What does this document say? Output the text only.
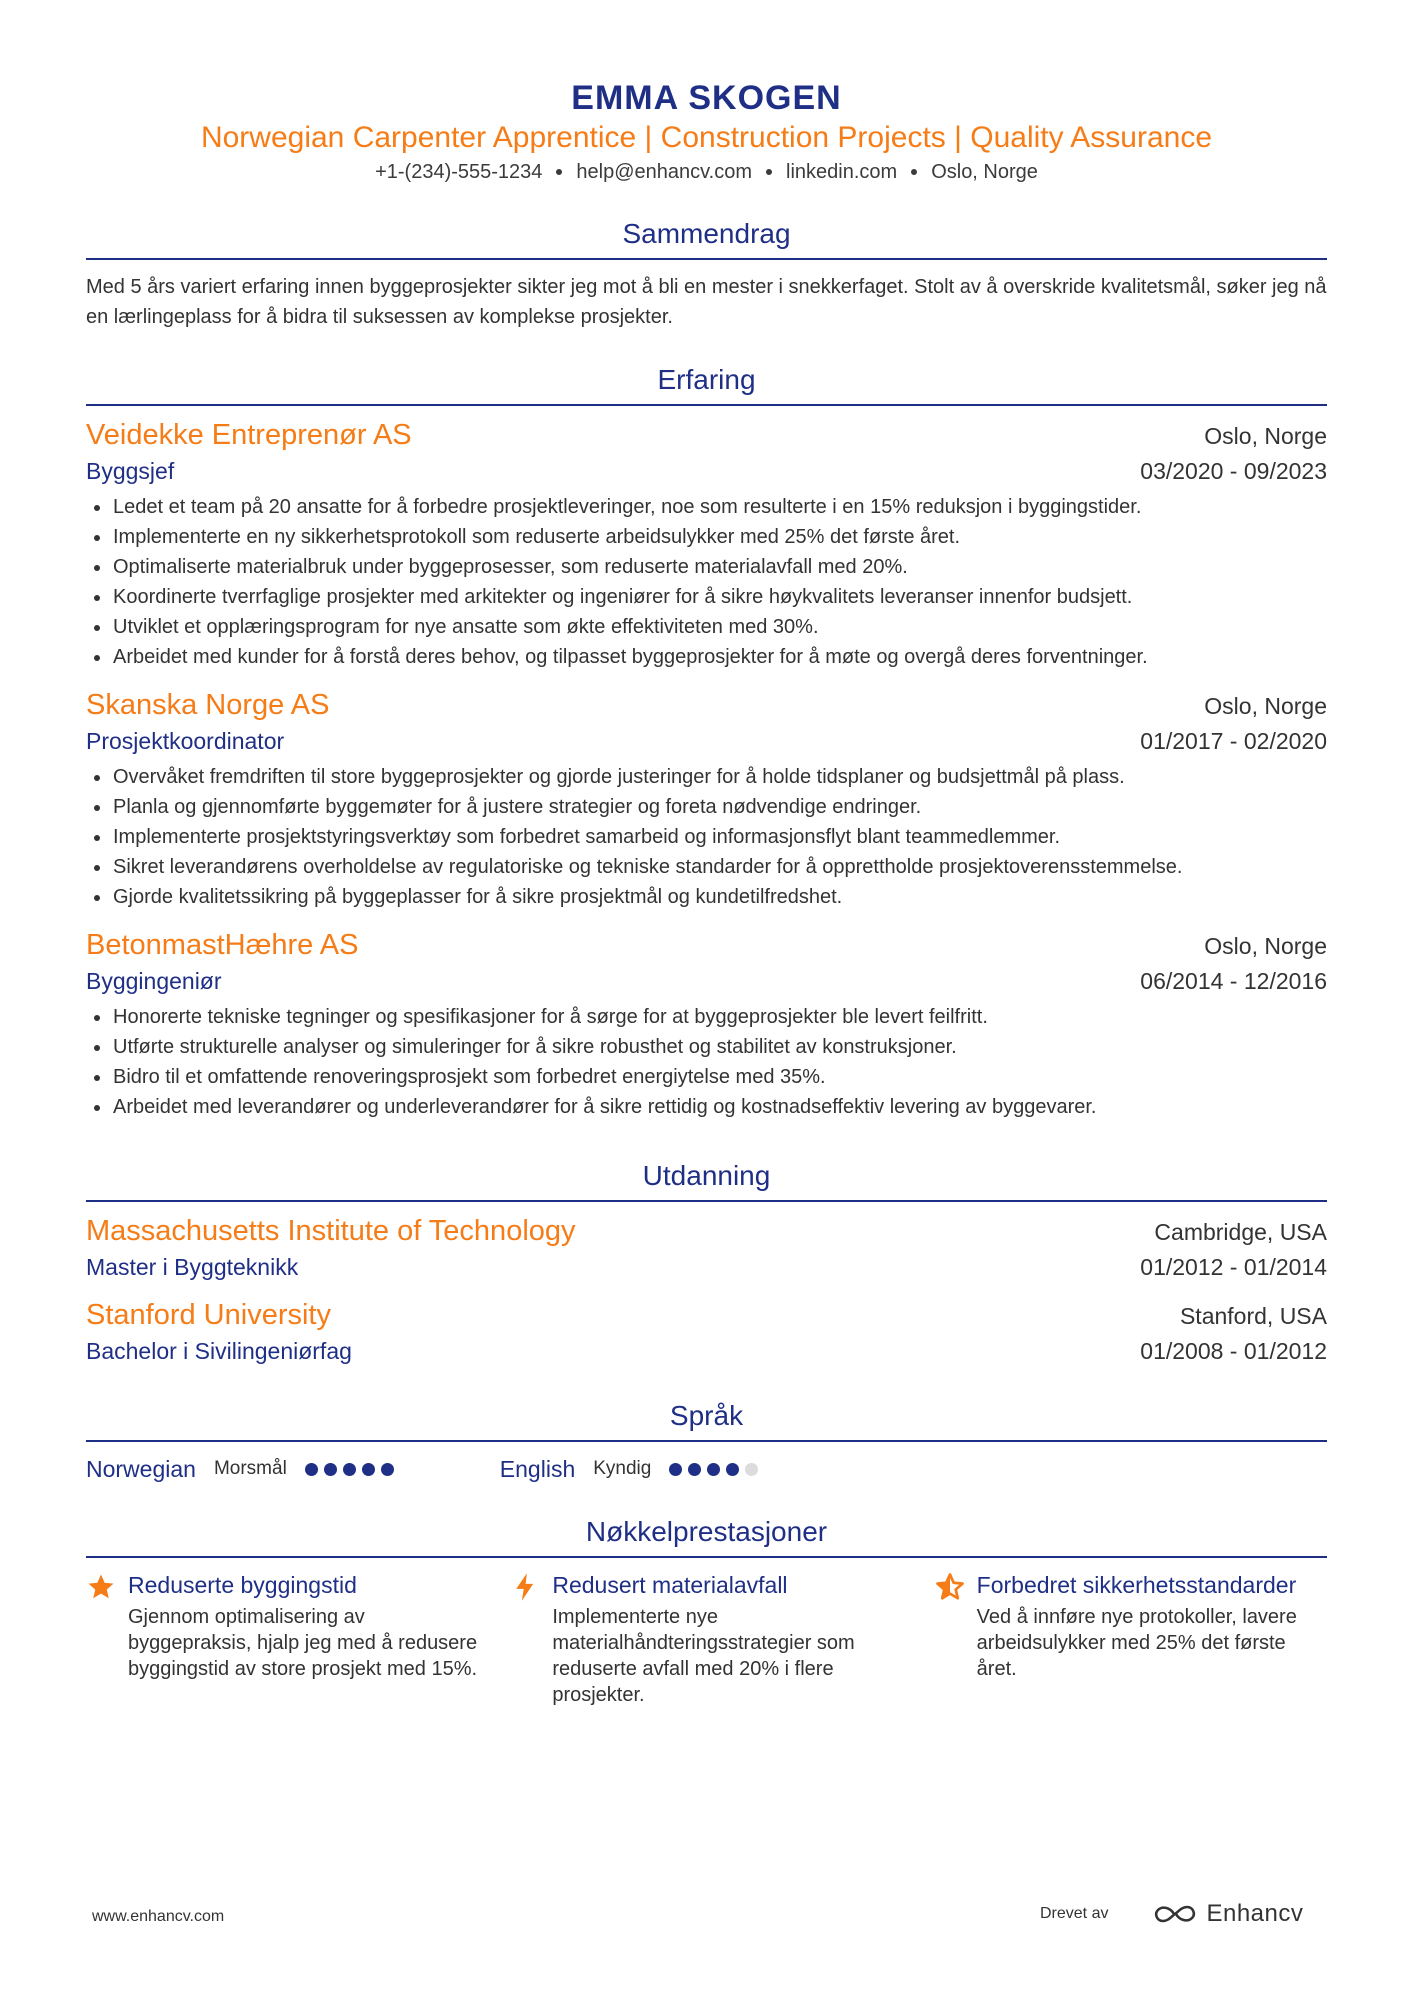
EMMA SKOGEN
Norwegian Carpenter Apprentice | Construction Projects | Quality Assurance
+1-(234)-555-1234 help@enhancv.com linkedin.com Oslo, Norge
Sammendrag
Med 5 års variert erfaring innen byggeprosjekter sikter jeg mot å bli en mester i snekkerfaget. Stolt av å overskride kvalitetsmål, søker jeg nå en lærlingeplass for å bidra til suksessen av komplekse prosjekter.
Erfaring
Veidekke Entreprenør AS	Oslo, Norge
Byggsjef	03/2020 - 09/2023
Ledet et team på 20 ansatte for å forbedre prosjektleveringer, noe som resulterte i en 15% reduksjon i byggingstider.
Implementerte en ny sikkerhetsprotokoll som reduserte arbeidsulykker med 25% det første året.
Optimaliserte materialbruk under byggeprosesser, som reduserte materialavfall med 20%.
Koordinerte tverrfaglige prosjekter med arkitekter og ingeniører for å sikre høykvalitets leveranser innenfor budsjett.
Utviklet et opplæringsprogram for nye ansatte som økte effektiviteten med 30%.
Arbeidet med kunder for å forstå deres behov, og tilpasset byggeprosjekter for å møte og overgå deres forventninger.
Skanska Norge AS	Oslo, Norge
Prosjektkoordinator	01/2017 - 02/2020
Overvåket fremdriften til store byggeprosjekter og gjorde justeringer for å holde tidsplaner og budsjettmål på plass.
Planla og gjennomførte byggemøter for å justere strategier og foreta nødvendige endringer.
Implementerte prosjektstyringsverktøy som forbedret samarbeid og informasjonsflyt blant teammedlemmer.
Sikret leverandørens overholdelse av regulatoriske og tekniske standarder for å opprettholde prosjektoverensstemmelse.
Gjorde kvalitetssikring på byggeplasser for å sikre prosjektmål og kundetilfredshet.
BetonmastHæhre AS	Oslo, Norge
Byggingeniør	06/2014 - 12/2016
Honorerte tekniske tegninger og spesifikasjoner for å sørge for at byggeprosjekter ble levert feilfritt.
Utførte strukturelle analyser og simuleringer for å sikre robusthet og stabilitet av konstruksjoner.
Bidro til et omfattende renoveringsprosjekt som forbedret energiytelse med 35%.
Arbeidet med leverandører og underleverandører for å sikre rettidig og kostnadseffektiv levering av byggevarer.
Utdanning
Massachusetts Institute of Technology	Cambridge, USA
Master i Byggteknikk	01/2012 - 01/2014
Stanford University	Stanford, USA
Bachelor i Sivilingeniørfag	01/2008 - 01/2012
Språk
Norwegian Morsmål	English Kyndig
Nøkkelprestasjoner
Reduserte byggingstid
Gjennom optimalisering av byggepraksis, hjalp jeg med å redusere byggingstid av store prosjekt med 15%.
Redusert materialavfall
Implementerte nye materialhåndteringsstrategier som reduserte avfall med 20% i flere prosjekter.
Forbedret sikkerhetsstandarder
Ved å innføre nye protokoller, lavere arbeidsulykker med 25% det første året.
www.enhancv.com	Drevet av	Enhancv
